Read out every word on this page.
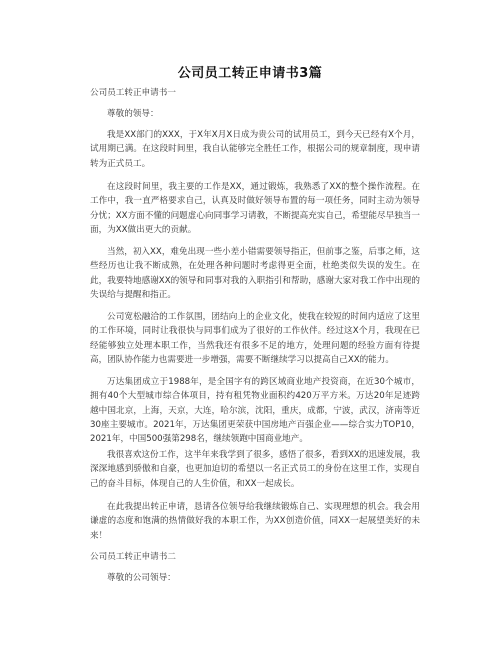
公司员工转正申请书3篇
公司员工转正申请书一
尊敬的领导：
我是XX部门的XXX，于X年X月X日成为贵公司的试用员工，到今天已经有X个月，试用期已满。在这段时间里，我自认能够完全胜任工作，根据公司的规章制度，现申请转为正式员工。
在这段时间里，我主要的工作是XX，通过锻炼，我熟悉了XX的整个操作流程。在工作中，我一直严格要求自己，认真及时做好领导布置的每一项任务，同时主动为领导分忧；XX方面不懂的问题虚心向同事学习请教，不断提高充实自己，希望能尽早独当一面，为XX做出更大的贡献。
当然，初入XX，难免出现一些小差小错需要领导指正，但前事之鉴，后事之师，这些经历也让我不断成熟，在处理各种问题时考虑得更全面，杜绝类似失误的发生。在此，我要特地感谢XX的领导和同事对我的入职指引和帮助，感谢大家对我工作中出现的失误给与提醒和指正。
公司宽松融洽的工作氛围，团结向上的企业文化，使我在较短的时间内适应了这里的工作环境，同时让我很快与同事们成为了很好的工作伙伴。经过这X个月，我现在已经能够独立处理本职工作，当然我还有很多不足的地方，处理问题的经验方面有待提高，团队协作能力也需要进一步增强，需要不断继续学习以提高自己XX的能力。
万达集团成立于1988年，是全国字有的跨区域商业地产投资商，在近30个城市，拥有40个大型城市综合体项目，持有租凭物业面积约420万平方米。万达20年足迹跨越中国北京，上海，天京，大连，哈尔滨，沈阳，重庆，成都，宁波，武汉，济南等近30座主要城市。2021年，万达集团更荣获中国房地产百强企业——综合实力TOP10，2021年，中国500强第298名，继续领跑中国商业地产。
我很喜欢这份工作，这半年来我学到了很多，感悟了很多，看到XX的迅速发展，我深深地感到骄傲和自豪，也更加迫切的希望以一名正式员工的身份在这里工作，实现自己的奋斗目标，体现自己的人生价值，和XX一起成长。
在此我提出转正申请，恳请各位领导给我继续锻炼自己、实现理想的机会。我会用谦虚的态度和饱满的热情做好我的本职工作，为XX创造价值，同XX一起展望美好的未来！
公司员工转正申请书二
尊敬的公司领导：
